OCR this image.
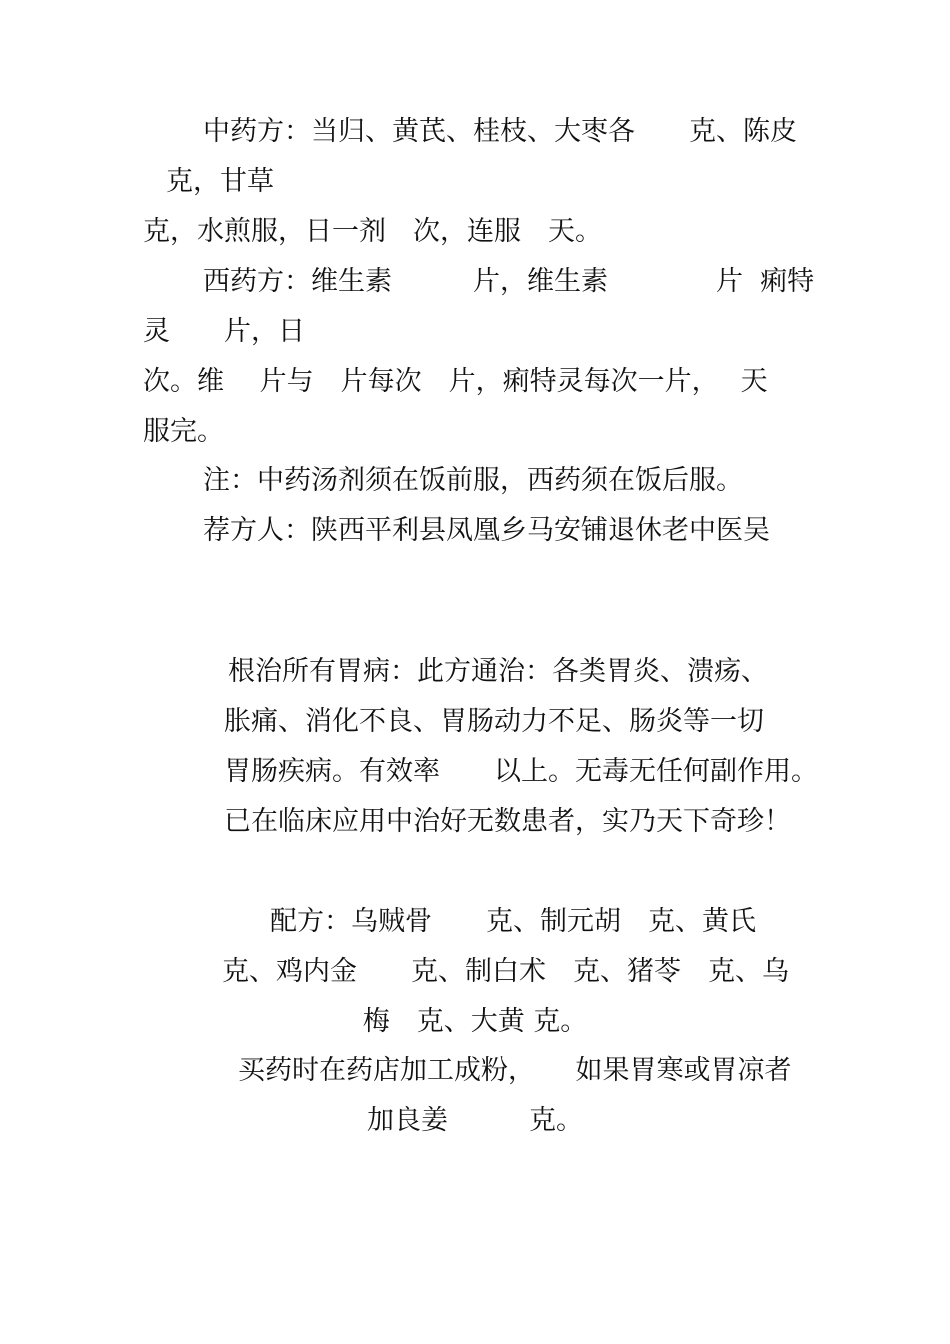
中药方：当归、黄芪、桂枝、大枣各　　克、陈皮
克，甘草
克，水煎服，日一剂　次，连服　天。
西药方：维生素　　　片，维生素　　　　片  痢特
灵　　片，日
次。维　 片与　片每次　片，痢特灵每次一片，　 天
服完。
注：中药汤剂须在饭前服，西药须在饭后服。
荐方人：陕西平利县凤凰乡马安铺退休老中医吴
根治所有胃病：此方通治：各类胃炎、溃疡、
胀痛、消化不良、胃肠动力不足、肠炎等一切
胃肠疾病。有效率　　以上。无毒无任何副作用。
已在临床应用中治好无数患者，实乃天下奇珍！
配方：乌贼骨　　克、制元胡　克、黄氏
克、鸡内金　　克、制白术　克、猪苓　克、乌
梅　克、大黄 克。
买药时在药店加工成粉，　　如果胃寒或胃凉者
加良姜　　　克。
